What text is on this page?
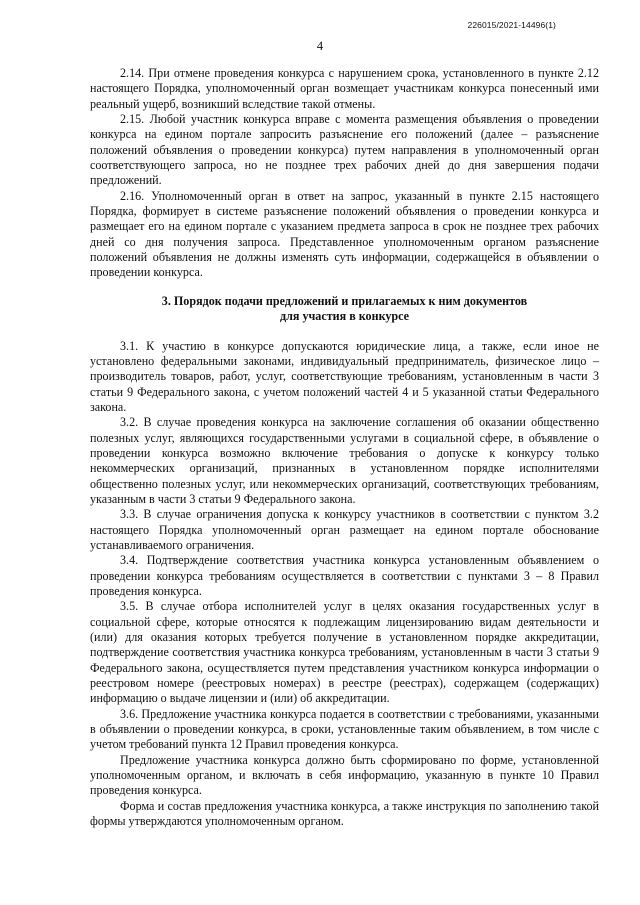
226015/2021-14496(1)
4

2.14. При отмене проведения конкурса с нарушением срока, установленного в пункте 2.12 настоящего Порядка, уполномоченный орган возмещает участникам конкурса понесенный ими реальный ущерб, возникший вследствие такой отмены.

2.15. Любой участник конкурса вправе с момента размещения объявления о проведении конкурса на едином портале запросить разъяснение его положений (далее – разъяснение положений объявления о проведении конкурса) путем направления в уполномоченный орган соответствующего запроса, но не позднее трех рабочих дней до дня завершения подачи предложений.

2.16. Уполномоченный орган в ответ на запрос, указанный в пункте 2.15 настоящего Порядка, формирует в системе разъяснение положений объявления о проведении конкурса и размещает его на едином портале с указанием предмета запроса в срок не позднее трех рабочих дней со дня получения запроса. Представленное уполномоченным органом разъяснение положений объявления не должны изменять суть информации, содержащейся в объявлении о проведении конкурса.

3. Порядок подачи предложений и прилагаемых к ним документов
для участия в конкурсе

3.1. К участию в конкурсе допускаются юридические лица, а также, если иное не установлено федеральными законами, индивидуальный предприниматель, физическое лицо – производитель товаров, работ, услуг, соответствующие требованиям, установленным в части 3 статьи 9 Федерального закона, с учетом положений частей 4 и 5 указанной статьи Федерального закона.

3.2. В случае проведения конкурса на заключение соглашения об оказании общественно полезных услуг, являющихся государственными услугами в социальной сфере, в объявление о проведении конкурса возможно включение требования о допуске к конкурсу только некоммерческих организаций, признанных в установленном порядке исполнителями общественно полезных услуг, или некоммерческих организаций, соответствующих требованиям, указанным в части 3 статьи 9 Федерального закона.

3.3. В случае ограничения допуска к конкурсу участников в соответствии с пунктом 3.2 настоящего Порядка уполномоченный орган размещает на едином портале обоснование устанавливаемого ограничения.

3.4. Подтверждение соответствия участника конкурса установленным объявлением о проведении конкурса требованиям осуществляется в соответствии с пунктами 3 – 8 Правил проведения конкурса.

3.5. В случае отбора исполнителей услуг в целях оказания государственных услуг в социальной сфере, которые относятся к подлежащим лицензированию видам деятельности и (или) для оказания которых требуется получение в установленном порядке аккредитации, подтверждение соответствия участника конкурса требованиям, установленным в части 3 статьи 9 Федерального закона, осуществляется путем представления участником конкурса информации о реестровом номере (реестровых номерах) в реестре (реестрах), содержащем (содержащих) информацию о выдаче лицензии и (или) об аккредитации.

3.6. Предложение участника конкурса подается в соответствии с требованиями, указанными в объявлении о проведении конкурса, в сроки, установленные таким объявлением, в том числе с учетом требований пункта 12 Правил проведения конкурса.

Предложение участника конкурса должно быть сформировано по форме, установленной уполномоченным органом, и включать в себя информацию, указанную в пункте 10 Правил проведения конкурса.

Форма и состав предложения участника конкурса, а также инструкция по заполнению такой формы утверждаются уполномоченным органом.
